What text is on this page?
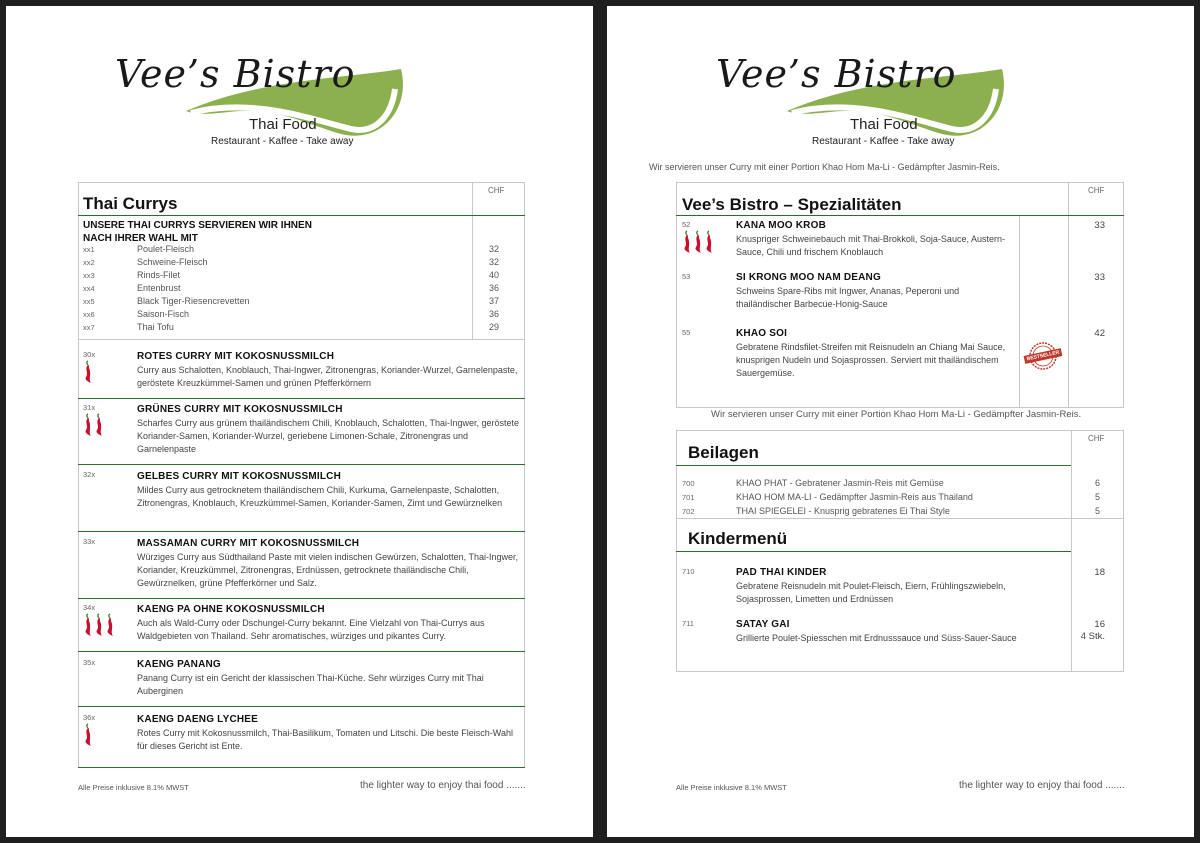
Vee’s Bistro
Thai Food
Restaurant - Kaffee - Take away
Thai Currys
CHF
UNSERE THAI CURRYS SERVIEREN WIR IHNEN
NACH IHRER WAHL MIT
xx1	Poulet-Fleisch	32
xx2	Schweine-Fleisch	32
xx3	Rinds-Filet	40
xx4	Entenbrust	36
xx5	Black Tiger-Riesencrevetten	37
xx6	Saison-Fisch	36
xx7	Thai Tofu	29
30x	ROTES CURRY MIT KOKOSNUSSMILCH
Curry aus Schalotten, Knoblauch, Thai-Ingwer, Zitronengras, Koriander-Wurzel, Garnelenpaste, geröstete Kreuzkümmel-Samen und grünen Pfefferkörnern
31x	GRÜNES CURRY MIT KOKOSNUSSMILCH
Scharfes Curry aus grünem thailändischem Chili, Knoblauch, Schalotten, Thai-Ingwer, geröstete Koriander-Samen, Koriander-Wurzel, geriebene Limonen-Schale, Zitronengras und Garnelenpaste
32x	GELBES CURRY MIT KOKOSNUSSMILCH
Mildes Curry aus getrocknetem thailändischem Chili, Kurkuma, Garnelenpaste, Schalotten, Zitronengras, Knoblauch, Kreuzkümmel-Samen, Koriander-Samen, Zimt und Gewürznelken
33x	MASSAMAN CURRY MIT KOKOSNUSSMILCH
Würziges Curry aus Südthailand Paste mit vielen indischen Gewürzen, Schalotten, Thai-Ingwer, Koriander, Kreuzkümmel, Zitronengras, Erdnüssen, getrocknete thailändische Chili, Gewürznelken, grüne Pfefferkörner und Salz.
34x	KAENG PA OHNE KOKOSNUSSMILCH
Auch als Wald-Curry oder Dschungel-Curry bekannt. Eine Vielzahl von Thai-Currys aus Waldgebieten von Thailand. Sehr aromatisches, würziges und pikantes Curry.
35x	KAENG PANANG
Panang Curry ist ein Gericht der klassischen Thai-Küche. Sehr würziges Curry mit Thai Auberginen
36x	KAENG DAENG LYCHEE
Rotes Curry mit Kokosnussmilch, Thai-Basilikum, Tomaten und Litschi. Die beste Fleisch-Wahl für dieses Gericht ist Ente.
Alle Preise inklusive 8.1% MWST	the lighter way to enjoy thai food .......
Vee’s Bistro
Thai Food
Restaurant - Kaffee - Take away
Wir servieren unser Curry mit einer Portion Khao Hom Ma-Li - Gedämpfter Jasmin-Reis.
Vee’s Bistro – Spezialitäten
CHF
52	KANA MOO KROB
Knuspriger Schweinebauch mit Thai-Brokkoli, Soja-Sauce, Austern-Sauce, Chili und frischem Knoblauch
33
53	SI KRONG MOO NAM DEANG
Schweins Spare-Ribs mit Ingwer, Ananas, Peperoni und thailändischer Barbecue-Honig-Sauce
33
55	KHAO SOI
Gebratene Rindsfilet-Streifen mit Reisnudeln an Chiang Mai Sauce, knusprigen Nudeln und Sojasprossen. Serviert mit thailändischem Sauergemüse.
42
BESTSELLER
Wir servieren unser Curry mit einer Portion Khao Hom Ma-Li - Gedämpfter Jasmin-Reis.
Beilagen
CHF
700	KHAO PHAT - Gebratener Jasmin-Reis mit Gemüse	6
701	KHAO HOM MA-LI - Gedämpfter Jasmin-Reis aus Thailand	5
702	THAI SPIEGELEI - Knusprig gebratenes Ei Thai Style	5
Kindermenü
710	PAD THAI KINDER
Gebratene Reisnudeln mit Poulet-Fleisch, Eiern, Frühlingszwiebeln, Sojasprossen, Limetten und Erdnüssen
18
711	SATAY GAI
Grillierte Poulet-Spiesschen mit Erdnusssauce und Süss-Sauer-Sauce
16
4 Stk.
Alle Preise inklusive 8.1% MWST	the lighter way to enjoy thai food .......
